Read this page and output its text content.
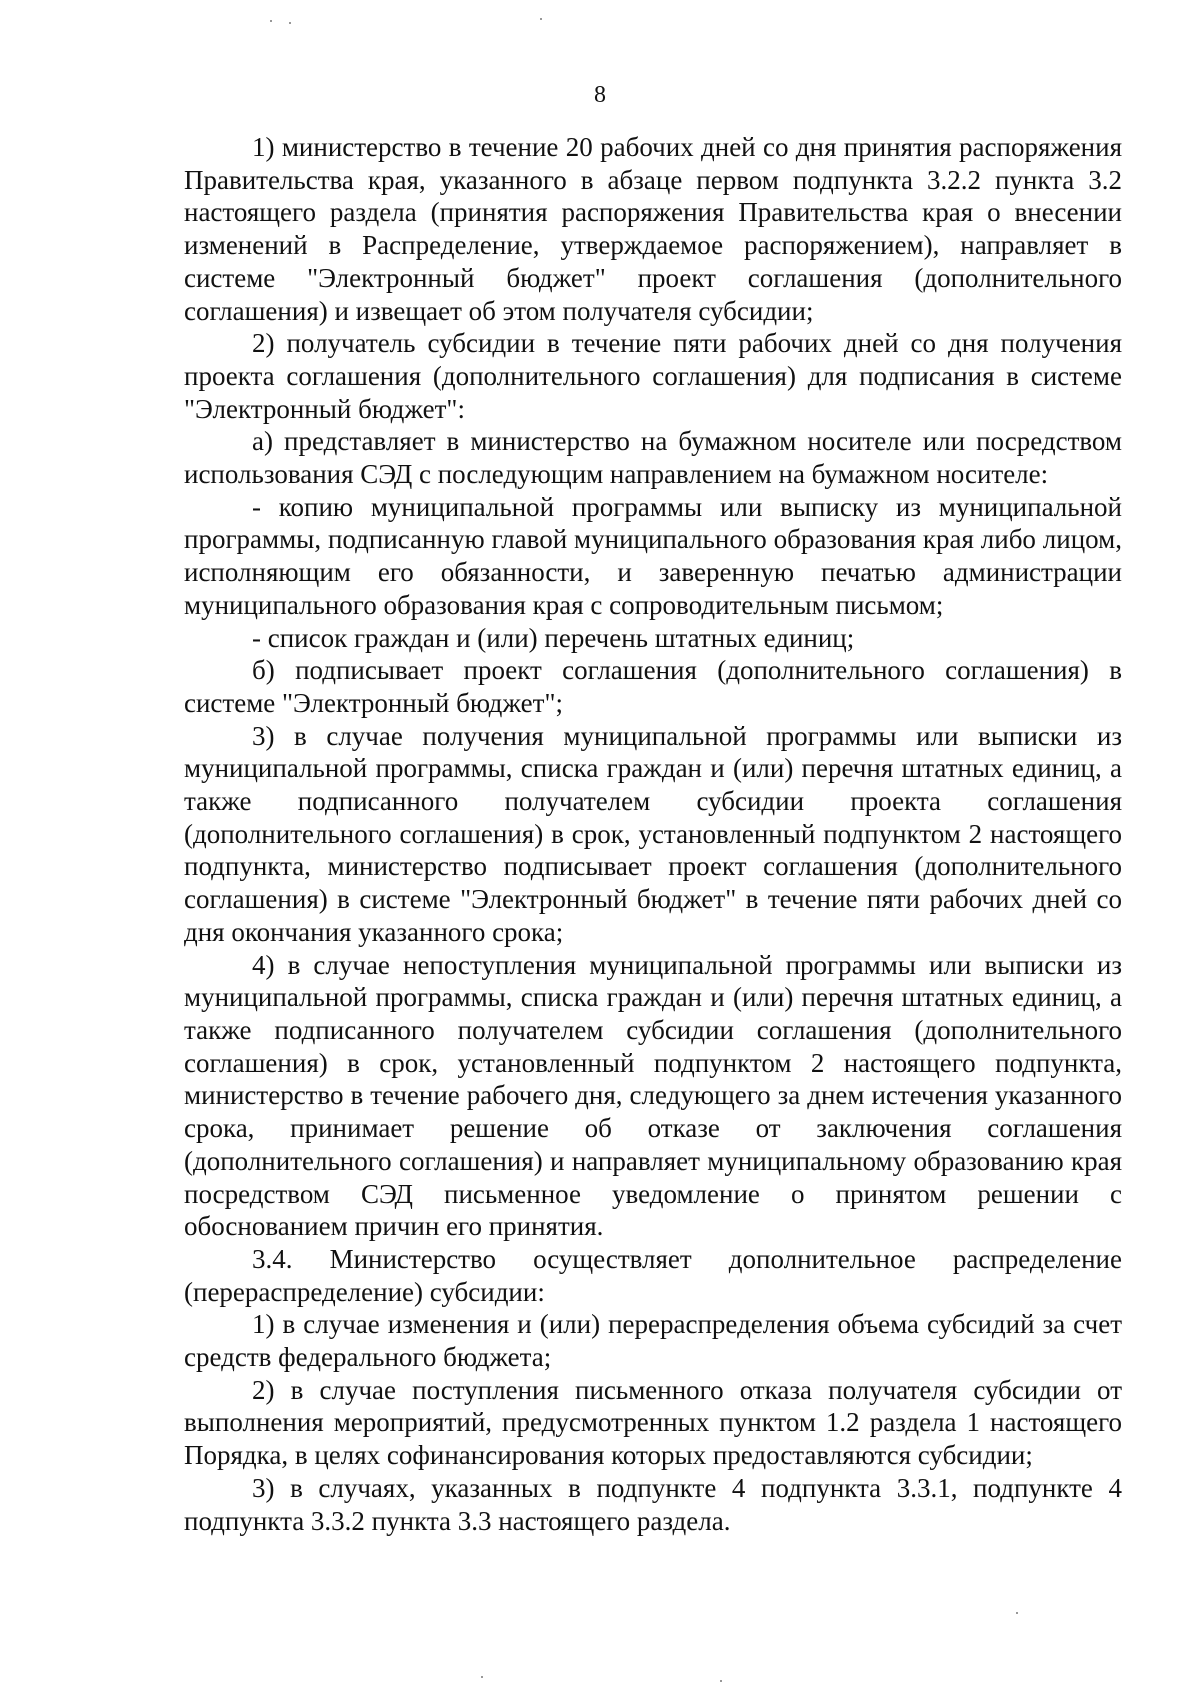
8

1) министерство в течение 20 рабочих дней со дня принятия распоряжения Правительства края, указанного в абзаце первом подпункта 3.2.2 пункта 3.2 настоящего раздела (принятия распоряжения Правительства края о внесении изменений в Распределение, утверждаемое распоряжением), направляет в системе "Электронный бюджет" проект соглашения (дополнительного соглашения) и извещает об этом получателя субсидии;

2) получатель субсидии в течение пяти рабочих дней со дня получения проекта соглашения (дополнительного соглашения) для подписания в системе "Электронный бюджет":

а) представляет в министерство на бумажном носителе или посредством использования СЭД с последующим направлением на бумажном носителе:

- копию муниципальной программы или выписку из муниципальной программы, подписанную главой муниципального образования края либо лицом, исполняющим его обязанности, и заверенную печатью администрации муниципального образования края с сопроводительным письмом;

- список граждан и (или) перечень штатных единиц;

б) подписывает проект соглашения (дополнительного соглашения) в системе "Электронный бюджет";

3) в случае получения муниципальной программы или выписки из муниципальной программы, списка граждан и (или) перечня штатных единиц, а также подписанного получателем субсидии проекта соглашения (дополнительного соглашения) в срок, установленный подпунктом 2 настоящего подпункта, министерство подписывает проект соглашения (дополнительного соглашения) в системе "Электронный бюджет" в течение пяти рабочих дней со дня окончания указанного срока;

4) в случае непоступления муниципальной программы или выписки из муниципальной программы, списка граждан и (или) перечня штатных единиц, а также подписанного получателем субсидии соглашения (дополнительного соглашения) в срок, установленный подпунктом 2 настоящего подпункта, министерство в течение рабочего дня, следующего за днем истечения указанного срока, принимает решение об отказе от заключения соглашения (дополнительного соглашения) и направляет муниципальному образованию края посредством СЭД письменное уведомление о принятом решении с обоснованием причин его принятия.

3.4. Министерство осуществляет дополнительное распределение (перераспределение) субсидии:

1) в случае изменения и (или) перераспределения объема субсидий за счет средств федерального бюджета;

2) в случае поступления письменного отказа получателя субсидии от выполнения мероприятий, предусмотренных пунктом 1.2 раздела 1 настоящего Порядка, в целях софинансирования которых предоставляются субсидии;

3) в случаях, указанных в подпункте 4 подпункта 3.3.1, подпункте 4 подпункта 3.3.2 пункта 3.3 настоящего раздела.
